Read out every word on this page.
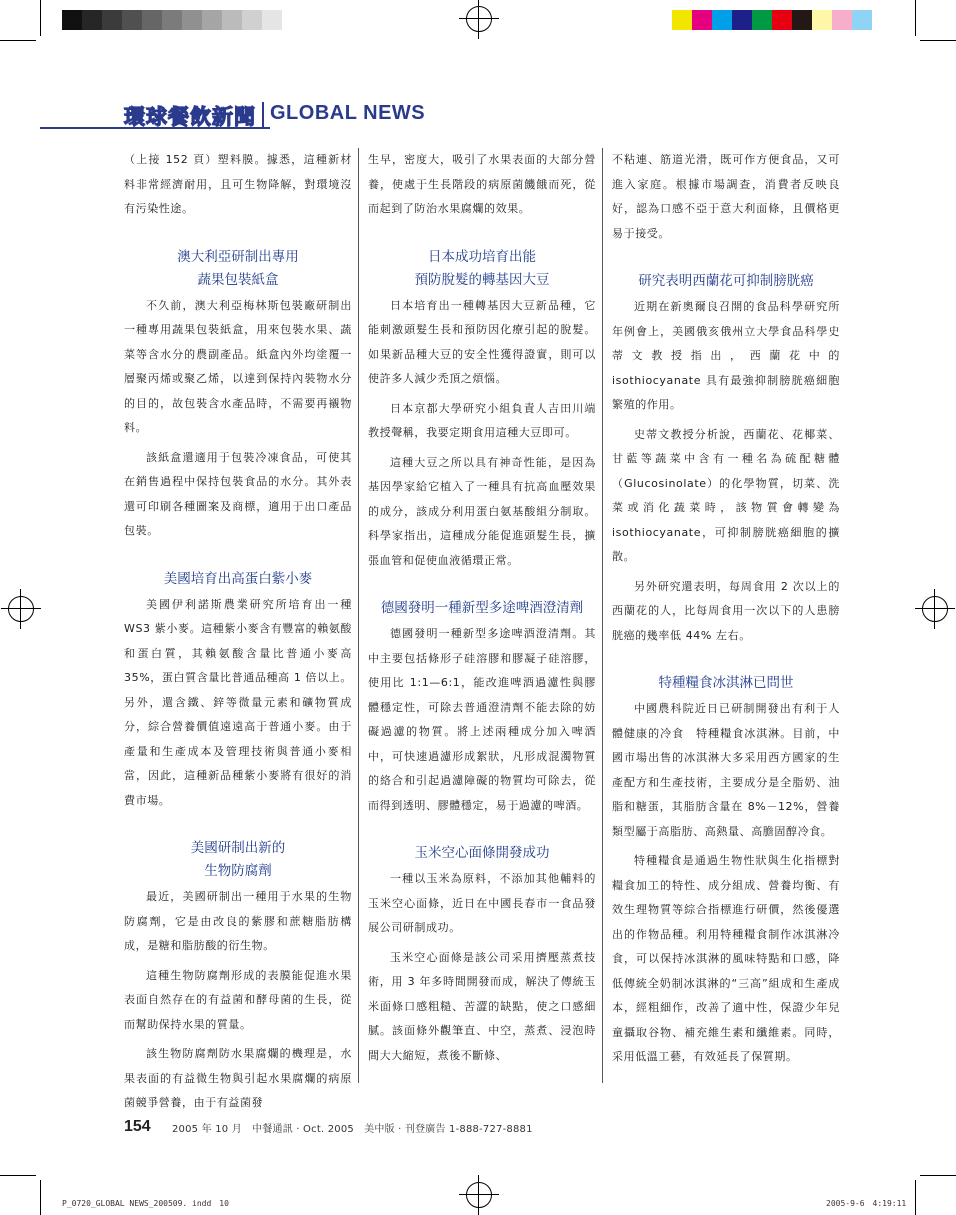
環球餐飲新聞 GLOBAL NEWS

（上接 152 頁）塑料膜。據悉，這種新材料非常經濟耐用，且可生物降解，對環境沒有污染性途。

澳大利亞研制出專用
蔬果包裝紙盒

不久前，澳大利亞梅林斯包裝廠研制出一種專用蔬果包裝紙盒，用來包裝水果、蔬菜等含水分的農副產品。紙盒內外均塗覆一層聚丙烯或聚乙烯，以達到保持內裝物水分的目的，故包裝含水產品時，不需要再襯物料。

該紙盒還適用于包裝冷凍食品，可使其在銷售過程中保持包裝食品的水分。其外表還可印刷各種圖案及商標，適用于出口產品包裝。

美國培育出高蛋白紫小麥

美國伊利諾斯農業研究所培育出一種 WS3 紫小麥。這種紫小麥含有豐富的賴氨酸和蛋白質，其賴氨酸含量比普通小麥高 35%，蛋白質含量比普通品種高 1 倍以上。另外，還含鐵、鋅等微量元素和礦物質成分，綜合營養價值遠遠高于普通小麥。由于產量和生產成本及管理技術與普通小麥相當，因此，這種新品種紫小麥將有很好的消費市場。

美國研制出新的
生物防腐劑

最近，美國研制出一種用于水果的生物防腐劑，它是由改良的紫膠和蔗糖脂肪構成，是糖和脂肪酸的衍生物。

這種生物防腐劑形成的表膜能促進水果表面自然存在的有益菌和酵母菌的生長，從而幫助保持水果的質量。

該生物防腐劑防水果腐爛的機理是，水果表面的有益微生物與引起水果腐爛的病原菌競爭營養，由于有益菌發

生早，密度大，吸引了水果表面的大部分營養，使處于生長階段的病原菌饑餓而死，從而起到了防治水果腐爛的效果。

日本成功培育出能
預防脫髮的轉基因大豆

日本培育出一種轉基因大豆新品種，它能刺激頭髮生長和預防因化療引起的脫髮。如果新品種大豆的安全性獲得證實，則可以使許多人減少禿頂之煩惱。

日本京都大學研究小組負責人吉田川端教授聲稱，我要定期食用這種大豆即可。

這種大豆之所以具有神奇性能，是因為基因學家給它植入了一種具有抗高血壓效果的成分，該成分利用蛋白氨基酸組分制取。科學家指出，這種成分能促進頭髮生長，擴張血管和促使血液循環正常。

德國發明一種新型多途啤酒澄清劑

德國發明一種新型多途啤酒澄清劑。其中主要包括條形子硅溶膠和膠凝子硅溶膠，使用比 1:1—6:1，能改進啤酒過濾性與膠體穩定性，可除去普通澄清劑不能去除的妨礙過濾的物質。將上述兩種成分加入啤酒中，可快速過濾形成絮狀，凡形成混濁物質的絡合和引起過濾障礙的物質均可除去，從而得到透明、膠體穩定，易于過濾的啤酒。

玉米空心面條開發成功

一種以玉米為原料，不添加其他輔料的玉米空心面條，近日在中國長春市一食品發展公司研制成功。

玉米空心面條是該公司采用擠壓蒸煮技術，用 3 年多時間開發而成，解決了傳統玉米面條口感粗糙、苦澀的缺點，使之口感細膩。該面條外觀筆直、中空，蒸煮、浸泡時間大大縮短，煮後不斷條、

不粘連、筋道光滑，既可作方便食品，又可進入家庭。根據市場調查，消費者反映良好，認為口感不亞于意大利面條，且價格更易于接受。

研究表明西蘭花可抑制膀胱癌

近期在新奧爾良召開的食品科學研究所年例會上，美國俄亥俄州立大學食品科學史蒂文教授指出，西蘭花中的 isothiocyanate 具有最強抑制膀胱癌細胞繁殖的作用。

史蒂文教授分析說，西蘭花、花椰菜、甘藍等蔬菜中含有一種名為硫配糖體（Glucosinolate）的化學物質，切菜、洗菜或消化蔬菜時，該物質會轉變為 isothiocyanate，可抑制膀胱癌細胞的擴散。

另外研究還表明，每周食用 2 次以上的西蘭花的人，比每周食用一次以下的人患膀胱癌的幾率低 44% 左右。

特種糧食冰淇淋已問世

中國農科院近日已研制開發出有利于人體健康的冷食　特種糧食冰淇淋。目前，中國市場出售的冰淇淋大多采用西方國家的生產配方和生產技術，主要成分是全脂奶、油脂和糖蛋，其脂肪含量在 8%－12%，營養類型屬于高脂肪、高熱量、高膽固醇冷食。

特種糧食是通過生物性狀與生化指標對糧食加工的特性、成分組成、營養均衡、有效生理物質等綜合指標進行研價，然後優選出的作物品種。利用特種糧食制作冰淇淋冷食，可以保持冰淇淋的風味特點和口感，降低傳統全奶制冰淇淋的“三高”組成和生產成本，經粗細作，改善了適中性，保證少年兒童攝取谷物、補充維生素和纖維素。同時，采用低溫工藝，有效延長了保質期。

154 2005 年 10 月　中餐通訊 · Oct. 2005　美中版 · 刊登廣告 1-888-727-8881
P_0720_GLOBAL NEWS_200509. indd　10	2005-9-6　4:19:11
